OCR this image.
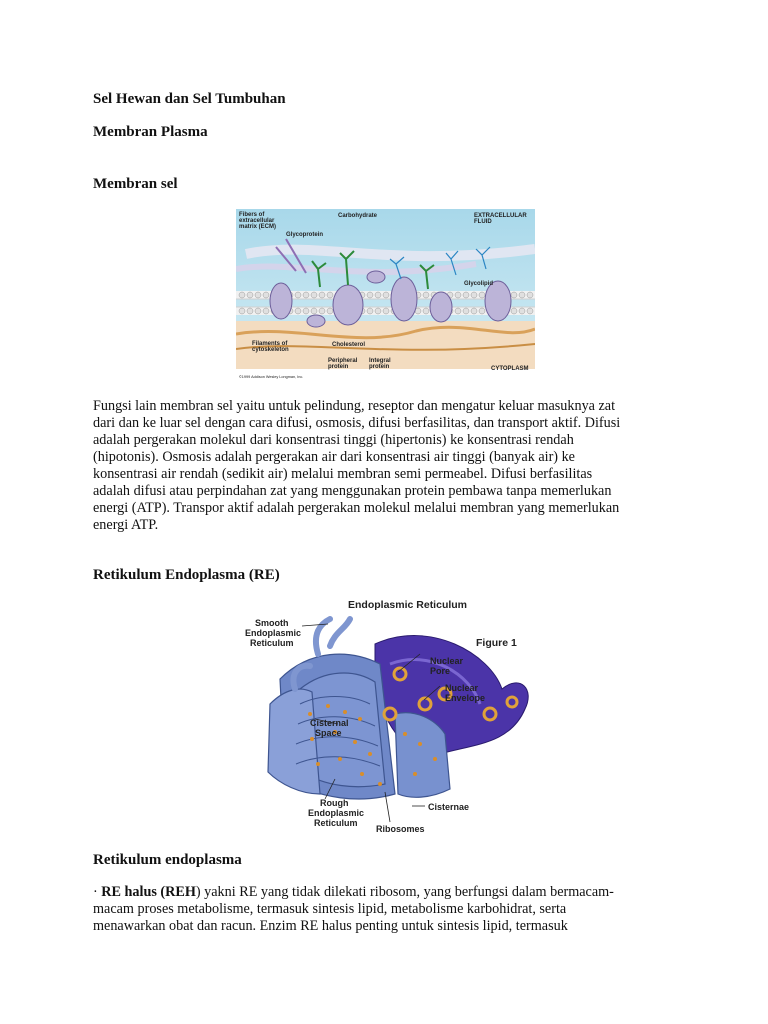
Sel Hewan dan Sel Tumbuhan
Membran Plasma
Membran sel
Fibers of
extracellular
matrix (ECM)
Carbohydrate
Glycoprotein
EXTRACELLULAR
FLUID
Glycolipid
Filaments of
cytoskeleton
Cholesterol
Peripheral
protein
Integral
protein	CYTOPLASM
©1999 Addison Wesley Longman, Inc.
Fungsi lain membran sel yaitu untuk pelindung, reseptor dan mengatur keluar masuknya zat
dari dan ke luar sel dengan cara difusi, osmosis, difusi berfasilitas, dan transport aktif. Difusi
adalah pergerakan molekul dari konsentrasi tinggi (hipertonis) ke konsentrasi rendah
(hipotonis). Osmosis adalah pergerakan air dari konsentrasi air tinggi (banyak air) ke
konsentrasi air rendah (sedikit air) melalui membran semi permeabel. Difusi berfasilitas
adalah difusi atau perpindahan zat yang menggunakan protein pembawa tanpa memerlukan
energi (ATP). Transpor aktif adalah pergerakan molekul melalui membran yang memerlukan
energi ATP.
Retikulum Endoplasma (RE)
Endoplasmic Reticulum
Figure 1
Smooth
Endoplasmic
Reticulum
Nuclear
Pore
Nuclear
Envelope
Cisternal
Space
Rough
Endoplasmic
Reticulum
Cisternae
Ribosomes
Retikulum endoplasma
· RE halus (REH) yakni RE yang tidak dilekati ribosom, yang berfungsi dalam bermacam-
macam proses metabolisme, termasuk sintesis lipid, metabolisme karbohidrat, serta
menawarkan obat dan racun. Enzim RE halus penting untuk sintesis lipid, termasuk
